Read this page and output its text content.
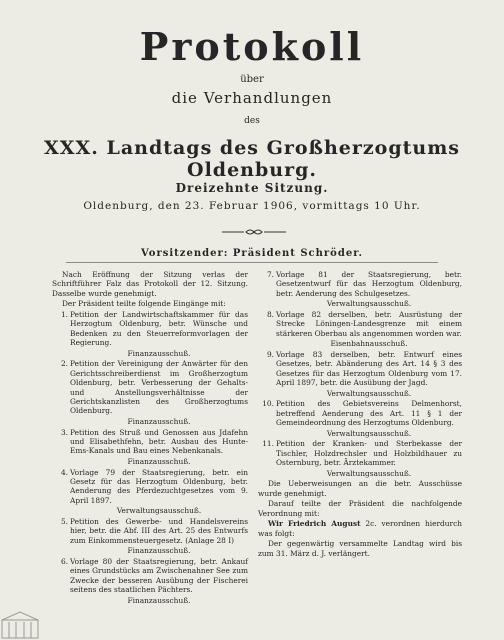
Protokoll
über
die Verhandlungen
des
XXX. Landtags des Großherzogtums Oldenburg.
Dreizehnte Sitzung.
Oldenburg, den 23. Februar 1906, vormittags 10 Uhr.
Vorsitzender: Präsident Schröder.

Nach Eröffnung der Sitzung verlas der Schriftführer Falz das Protokoll der 12. Sitzung. Dasselbe wurde genehmigt.

Der Präsident teilte folgende Eingänge mit:

1. Petition der Landwirtschaftskammer für das Herzogtum Oldenburg, betr. Wünsche und Bedenken zu den Steuerreformvorlagen der Regierung.
Finanzausschuß.
2. Petition der Vereinigung der Anwärter für den Gerichtsschreiberdienst im Großherzogtum Oldenburg, betr. Verbesserung der Gehalts- und Anstellungsverhältnisse der Gerichtskanzlisten des Großherzogtums Oldenburg.
Finanzausschuß.
3. Petition des Struß und Genossen aus Jdafehn und Elisabethfehn, betr. Ausbau des Hunte-Ems-Kanals und Bau eines Nebenkanals.
Finanzausschuß.
4. Vorlage 79 der Staatsregierung, betr. ein Gesetz für das Herzogtum Oldenburg, betr. Aenderung des Pferdezuchtgesetzes vom 9. April 1897.
Verwaltungsausschuß.
5. Petition des Gewerbe- und Handelsvereins hier, betr. die Abf. III des Art. 25 des Entwurfs zum Einkommensteuergesetz. (Anlage 28 I)
Finanzausschuß.
6. Vorlage 80 der Staatsregierung, betr. Ankauf eines Grundstücks am Zwischenahner See zum Zwecke der besseren Ausübung der Fischerei seitens des staatlichen Pächters.
Finanzausschuß.
7. Vorlage 81 der Staatsregierung, betr. Gesetzentwurf für das Herzogtum Oldenburg, betr. Aenderung des Schulgesetzes.
Verwaltungsausschuß.
8. Vorlage 82 derselben, betr. Ausrüstung der Strecke Löningen-Landesgrenze mit einem stärkeren Oberbau als angenommen worden war.
Eisenbahnausschuß.
9. Vorlage 83 derselben, betr. Entwurf eines Gesetzes, betr. Abänderung des Art. 14 § 3 des Gesetzes für das Herzogtum Oldenburg vom 17. April 1897, betr. die Ausübung der Jagd.
Verwaltungsausschuß.
10. Petition des Gebietsvereins Delmenhorst, betreffend Aenderung des Art. 11 § 1 der Gemeindeordnung des Herzogtums Oldenburg.
Verwaltungsausschuß.
11. Petition der Kranken- und Sterbekasse der Tischler, Holzdrechsler und Holzbildhauer zu Osternburg, betr. Ärztekammer.
Verwaltungsausschuß.

Die Ueberweisungen an die betr. Ausschüsse wurde genehmigt.

Darauf teilte der Präsident die nachfolgende Verordnung mit:

Wir Friedrich August 2c. verordnen hierdurch was folgt:

Der gegenwärtig versammelte Landtag wird bis zum 31. März d. J. verlängert.
